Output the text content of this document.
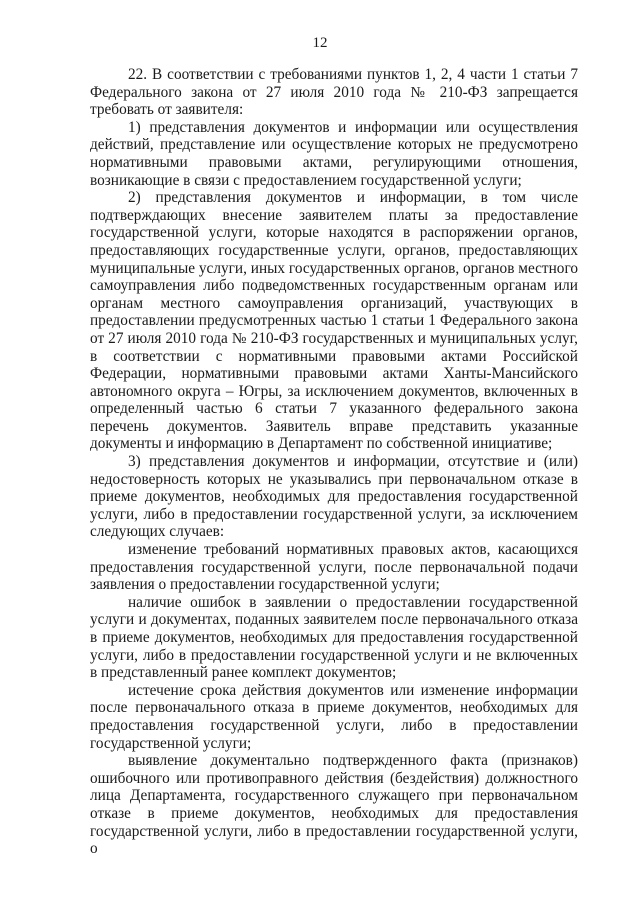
12

22. В соответствии с требованиями пунктов 1, 2, 4 части 1 статьи 7 Федерального закона от 27 июля 2010 года № 210-ФЗ запрещается требовать от заявителя:

1) представления документов и информации или осуществления действий, представление или осуществление которых не предусмотрено нормативными правовыми актами, регулирующими отношения, возникающие в связи с предоставлением государственной услуги;

2) представления документов и информации, в том числе подтверждающих внесение заявителем платы за предоставление государственной услуги, которые находятся в распоряжении органов, предоставляющих государственные услуги, органов, предоставляющих муниципальные услуги, иных государственных органов, органов местного самоуправления либо подведомственных государственным органам или органам местного самоуправления организаций, участвующих в предоставлении предусмотренных частью 1 статьи 1 Федерального закона от 27 июля 2010 года № 210-ФЗ государственных и муниципальных услуг, в соответствии с нормативными правовыми актами Российской Федерации, нормативными правовыми актами Ханты-Мансийского автономного округа – Югры, за исключением документов, включенных в определенный частью 6 статьи 7 указанного федерального закона перечень документов. Заявитель вправе представить указанные документы и информацию в Департамент по собственной инициативе;

3) представления документов и информации, отсутствие и (или) недостоверность которых не указывались при первоначальном отказе в приеме документов, необходимых для предоставления государственной услуги, либо в предоставлении государственной услуги, за исключением следующих случаев:

изменение требований нормативных правовых актов, касающихся предоставления государственной услуги, после первоначальной подачи заявления о предоставлении государственной услуги;

наличие ошибок в заявлении о предоставлении государственной услуги и документах, поданных заявителем после первоначального отказа в приеме документов, необходимых для предоставления государственной услуги, либо в предоставлении государственной услуги и не включенных в представленный ранее комплект документов;

истечение срока действия документов или изменение информации после первоначального отказа в приеме документов, необходимых для предоставления государственной услуги, либо в предоставлении государственной услуги;

выявление документально подтвержденного факта (признаков) ошибочного или противоправного действия (бездействия) должностного лица Департамента, государственного служащего при первоначальном отказе в приеме документов, необходимых для предоставления государственной услуги, либо в предоставлении государственной услуги, о
